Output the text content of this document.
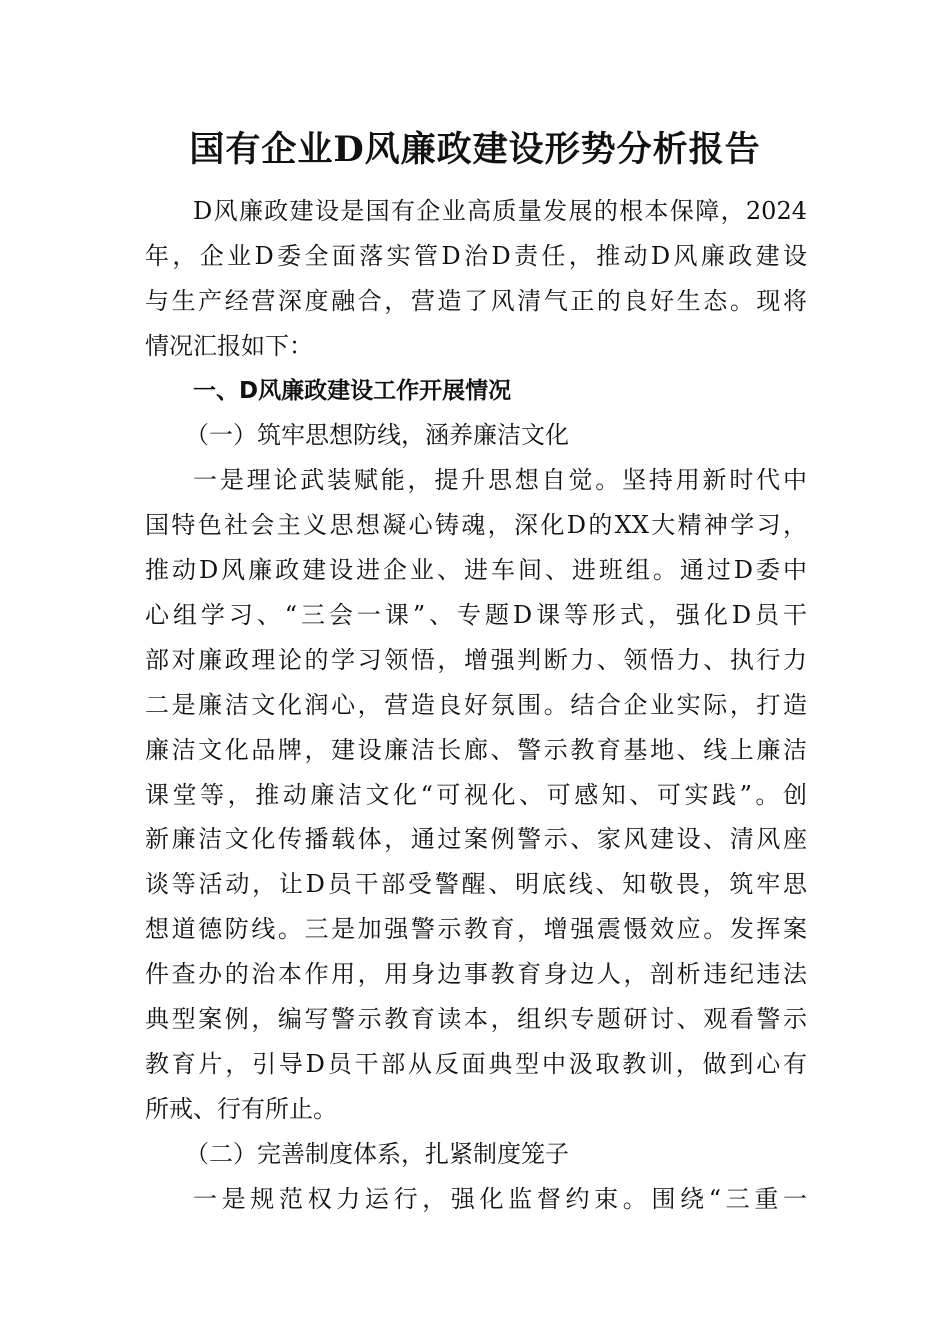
国有企业D风廉政建设形势分析报告
D风廉政建设是国有企业高质量发展的根本保障，2024
年，企业D委全面落实管D治D责任，推动D风廉政建设
与生产经营深度融合，营造了风清气正的良好生态。现将
情况汇报如下：
一、D风廉政建设工作开展情况
（一）筑牢思想防线，涵养廉洁文化
一是理论武装赋能，提升思想自觉。坚持用新时代中
国特色社会主义思想凝心铸魂，深化D的XX大精神学习，
推动D风廉政建设进企业、进车间、进班组。通过D委中
心组学习、“三会一课”、专题D课等形式，强化D员干
部对廉政理论的学习领悟，增强判断力、领悟力、执行力
二是廉洁文化润心，营造良好氛围。结合企业实际，打造
廉洁文化品牌，建设廉洁长廊、警示教育基地、线上廉洁
课堂等，推动廉洁文化“可视化、可感知、可实践”。创
新廉洁文化传播载体，通过案例警示、家风建设、清风座
谈等活动，让D员干部受警醒、明底线、知敬畏，筑牢思
想道德防线。三是加强警示教育，增强震慑效应。发挥案
件查办的治本作用，用身边事教育身边人，剖析违纪违法
典型案例，编写警示教育读本，组织专题研讨、观看警示
教育片，引导D员干部从反面典型中汲取教训，做到心有
所戒、行有所止。
（二）完善制度体系，扎紧制度笼子
一是规范权力运行，强化监督约束。围绕“三重一
